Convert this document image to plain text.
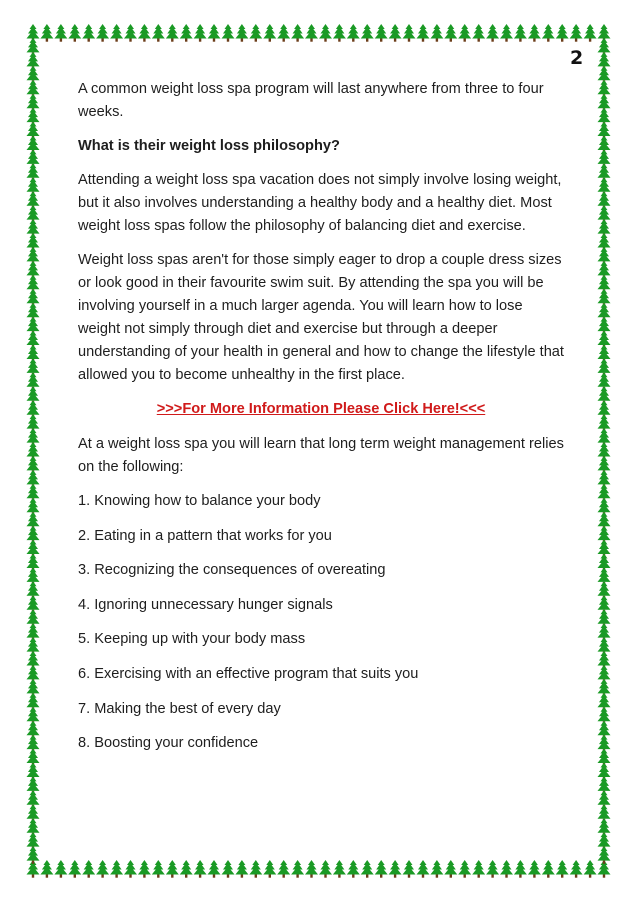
2

A common weight loss spa program will last anywhere from three to four weeks.

What is their weight loss philosophy?

Attending a weight loss spa vacation does not simply involve losing weight, but it also involves understanding a healthy body and a healthy diet. Most weight loss spas follow the philosophy of balancing diet and exercise.

Weight loss spas aren't for those simply eager to drop a couple dress sizes or look good in their favourite swim suit. By attending the spa you will be involving yourself in a much larger agenda. You will learn how to lose weight not simply through diet and exercise but through a deeper understanding of your health in general and how to change the lifestyle that allowed you to become unhealthy in the first place.

>>>For More Information Please Click Here!<<<

At a weight loss spa you will learn that long term weight management relies on the following:

1. Knowing how to balance your body

2. Eating in a pattern that works for you

3. Recognizing the consequences of overeating

4. Ignoring unnecessary hunger signals

5. Keeping up with your body mass

6. Exercising with an effective program that suits you

7. Making the best of every day

8. Boosting your confidence
